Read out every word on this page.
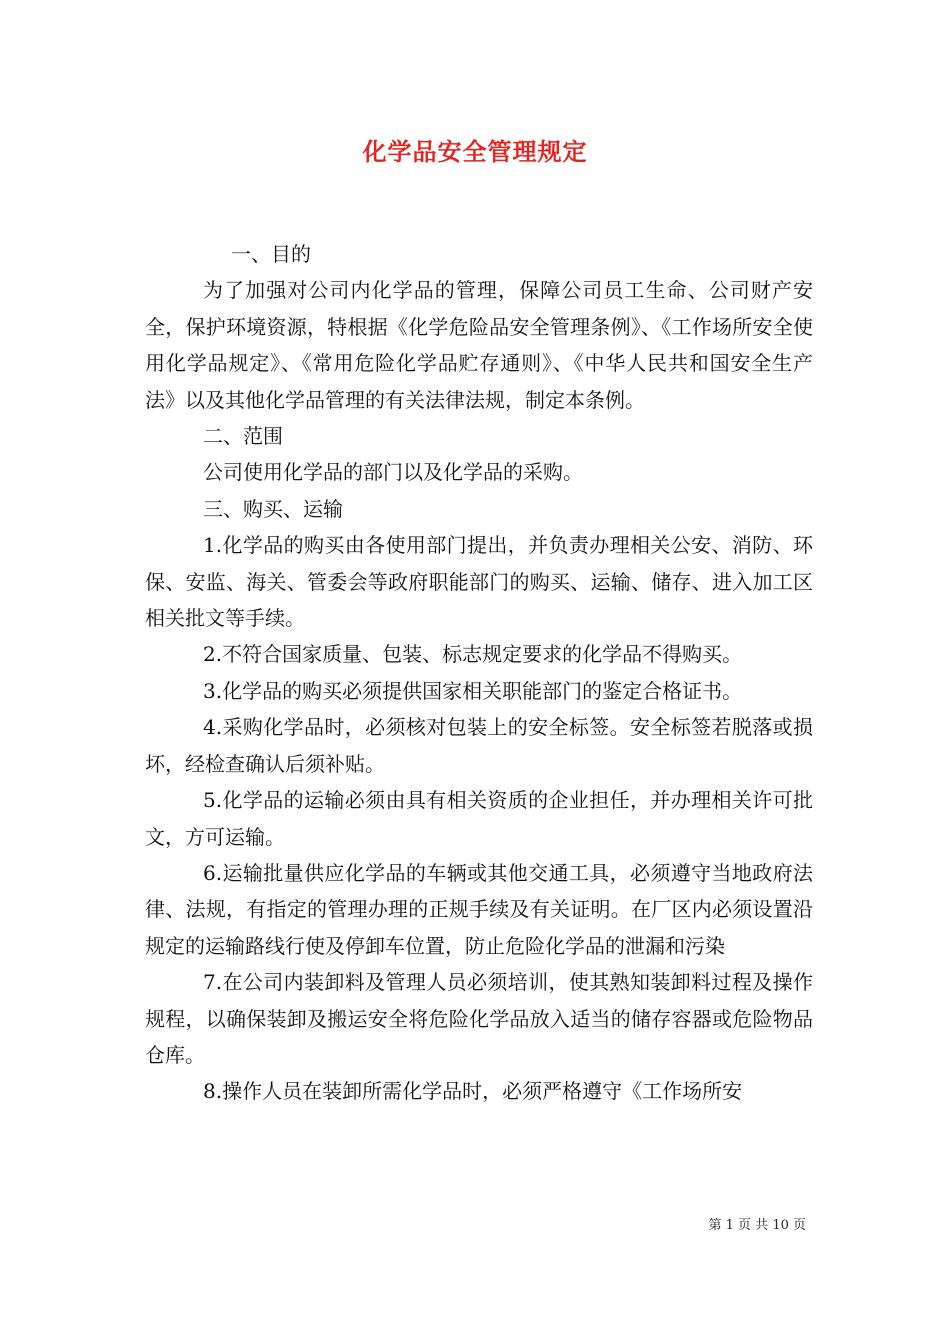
化学品安全管理规定

一、目的

为了加强对公司内化学品的管理，保障公司员工生命、公司财产安全，保护环境资源，特根据《化学危险品安全管理条例》、《工作场所安全使用化学品规定》、《常用危险化学品贮存通则》、《中华人民共和国安全生产法》以及其他化学品管理的有关法律法规，制定本条例。

二、范围

公司使用化学品的部门以及化学品的采购。

三、购买、运输

1.化学品的购买由各使用部门提出，并负责办理相关公安、消防、环保、安监、海关、管委会等政府职能部门的购买、运输、储存、进入加工区相关批文等手续。

2.不符合国家质量、包装、标志规定要求的化学品不得购买。

3.化学品的购买必须提供国家相关职能部门的鉴定合格证书。

4.采购化学品时，必须核对包装上的安全标签。安全标签若脱落或损坏，经检查确认后须补贴。

5.化学品的运输必须由具有相关资质的企业担任，并办理相关许可批文，方可运输。

6.运输批量供应化学品的车辆或其他交通工具，必须遵守当地政府法律、法规，有指定的管理办理的正规手续及有关证明。在厂区内必须设置沿规定的运输路线行使及停卸车位置，防止危险化学品的泄漏和污染

7.在公司内装卸料及管理人员必须培训，使其熟知装卸料过程及操作规程，以确保装卸及搬运安全将危险化学品放入适当的储存容器或危险物品仓库。

8.操作人员在装卸所需化学品时，必须严格遵守《工作场所安

第 1 页 共 10 页
